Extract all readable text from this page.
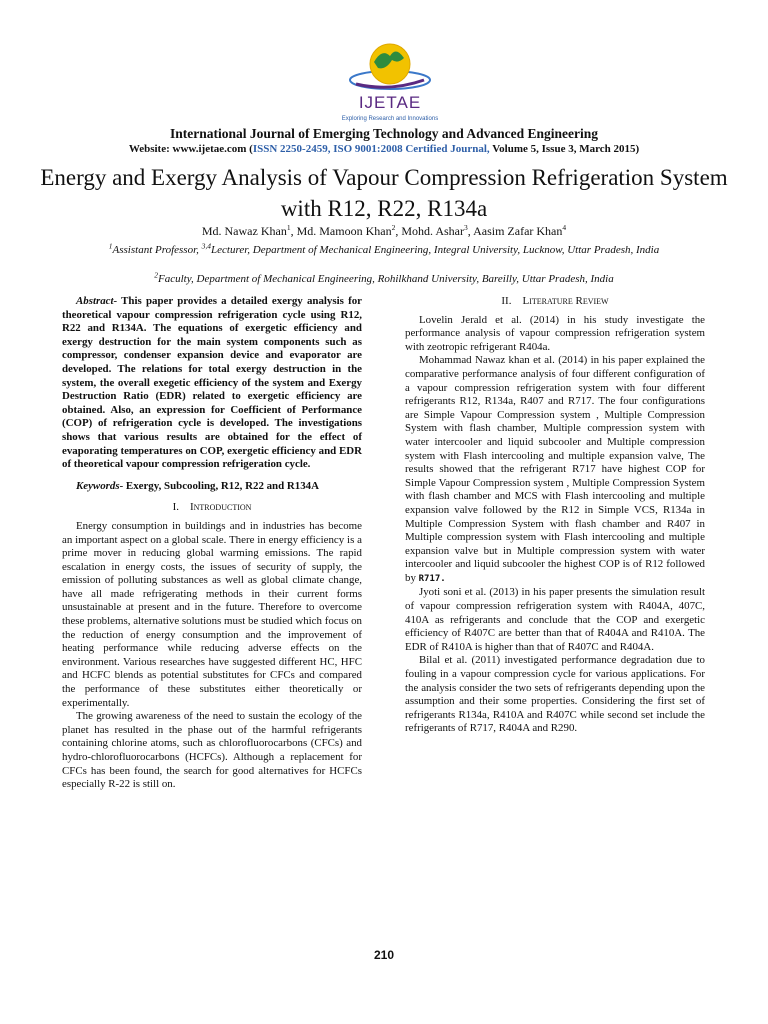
IJETAE
Exploring Research and Innovations
International Journal of Emerging Technology and Advanced Engineering
Website: www.ijetae.com (ISSN 2250-2459, ISO 9001:2008 Certified Journal, Volume 5, Issue 3, March 2015)
Energy and Exergy Analysis of Vapour Compression Refrigeration System with R12, R22, R134a
Md. Nawaz Khan$^1$, Md. Mamoon Khan$^2$, Mohd. Ashar$^3$, Aasim Zafar Khan$^4$
$^1$Assistant Professor, $^{3,4}$Lecturer, Department of Mechanical Engineering, Integral University, Lucknow, Uttar Pradesh, India
$^2$Faculty, Department of Mechanical Engineering, Rohilkhand University, Bareilly, Uttar Pradesh, India

Abstract- This paper provides a detailed exergy analysis for theoretical vapour compression refrigeration cycle using R12, R22 and R134A. The equations of exergetic efficiency and exergy destruction for the main system components such as compressor, condenser expansion device and evaporator are developed. The relations for total exergy destruction in the system, the overall exegetic efficiency of the system and Exergy Destruction Ratio (EDR) related to exergetic efficiency are obtained. Also, an expression for Coefficient of Performance (COP) of refrigeration cycle is developed. The investigations shows that various results are obtained for the effect of evaporating temperatures on COP, exergetic efficiency and EDR of theoretical vapour compression refrigeration cycle.

Keywords- Exergy, Subcooling, R12, R22 and R134A

I. Introduction

Energy consumption in buildings and in industries has become an important aspect on a global scale. There in energy efficiency is a prime mover in reducing global warming emissions. The rapid escalation in energy costs, the issues of security of supply, the emission of polluting substances as well as global climate change, have all made refrigerating methods in their current forms unsustainable at present and in the future. Therefore to overcome these problems, alternative solutions must be studied which focus on the reduction of energy consumption and the improvement of heating performance while reducing adverse effects on the environment. Various researches have suggested different HC, HFC and HCFC blends as potential substitutes for CFCs and compared the performance of these substitutes either theoretically or experimentally.

The growing awareness of the need to sustain the ecology of the planet has resulted in the phase out of the harmful refrigerants containing chlorine atoms, such as chlorofluorocarbons (CFCs) and hydro-chlorofluorocarbons (HCFCs). Although a replacement for CFCs has been found, the search for good alternatives for HCFCs especially R-22 is still on.

II. Literature Review

Lovelin Jerald et al. (2014) in his study investigate the performance analysis of vapour compression refrigeration system with zeotropic refrigerant R404a.

Mohammad Nawaz khan et al. (2014) in his paper explained the comparative performance analysis of four different configuration of a vapour compression refrigeration system with four different refrigerants R12, R134a, R407 and R717. The four configurations are Simple Vapour Compression system , Multiple Compression System with flash chamber, Multiple compression system with water intercooler and liquid subcooler and Multiple compression system with Flash intercooling and multiple expansion valve, The results showed that the refrigerant R717 have highest COP for Simple Vapour Compression system , Multiple Compression System with flash chamber and MCS with Flash intercooling and multiple expansion valve followed by the R12 in Simple VCS, R134a in Multiple Compression System with flash chamber and R407 in Multiple compression system with Flash intercooling and multiple expansion valve but in Multiple compression system with water intercooler and liquid subcooler the highest COP is of R12 followed by R717.

Jyoti soni et al. (2013) in his paper presents the simulation result of vapour compression refrigeration system with R404A, 407C, 410A as refrigerants and conclude that the COP and exergetic efficiency of R407C are better than that of R404A and R410A. The EDR of R410A is higher than that of R407C and R404A.

Bilal et al. (2011) investigated performance degradation due to fouling in a vapour compression cycle for various applications. For the analysis consider the two sets of refrigerants depending upon the assumption and their some properties. Considering the first set of refrigerants R134a, R410A and R407C while second set include the refrigerants of R717, R404A and R290.

210
